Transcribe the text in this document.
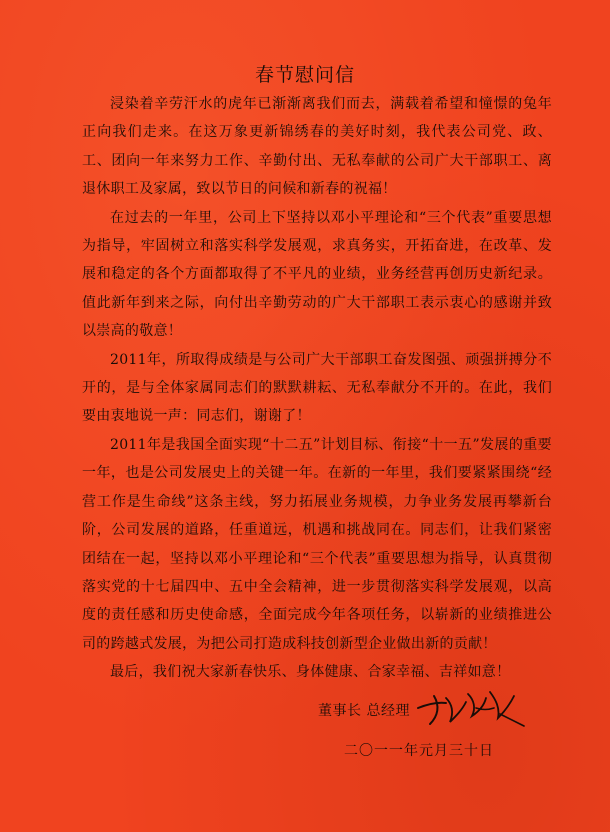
春节慰问信

浸染着辛劳汗水的虎年已渐渐离我们而去，满载着希望和憧憬的兔年正向我们走来。在这万象更新锦绣春的美好时刻，我代表公司党、政、工、团向一年来努力工作、辛勤付出、无私奉献的公司广大干部职工、离退休职工及家属，致以节日的问候和新春的祝福！

在过去的一年里，公司上下坚持以邓小平理论和“三个代表”重要思想为指导，牢固树立和落实科学发展观，求真务实，开拓奋进，在改革、发展和稳定的各个方面都取得了不平凡的业绩，业务经营再创历史新纪录。值此新年到来之际，向付出辛勤劳动的广大干部职工表示衷心的感谢并致以崇高的敬意！

2011年，所取得成绩是与公司广大干部职工奋发图强、顽强拼搏分不开的，是与全体家属同志们的默默耕耘、无私奉献分不开的。在此，我们要由衷地说一声：同志们，谢谢了！

2011年是我国全面实现“十二五”计划目标、衔接“十一五”发展的重要一年，也是公司发展史上的关键一年。在新的一年里，我们要紧紧围绕“经营工作是生命线”这条主线，努力拓展业务规模，力争业务发展再攀新台阶，公司发展的道路，任重道远，机遇和挑战同在。同志们，让我们紧密团结在一起，坚持以邓小平理论和“三个代表”重要思想为指导，认真贯彻落实党的十七届四中、五中全会精神，进一步贯彻落实科学发展观，以高度的责任感和历史使命感，全面完成今年各项任务，以崭新的业绩推进公司的跨越式发展，为把公司打造成科技创新型企业做出新的贡献！

最后，我们祝大家新春快乐、身体健康、合家幸福、吉祥如意！

董事长 总经理
二〇一一年元月三十日
